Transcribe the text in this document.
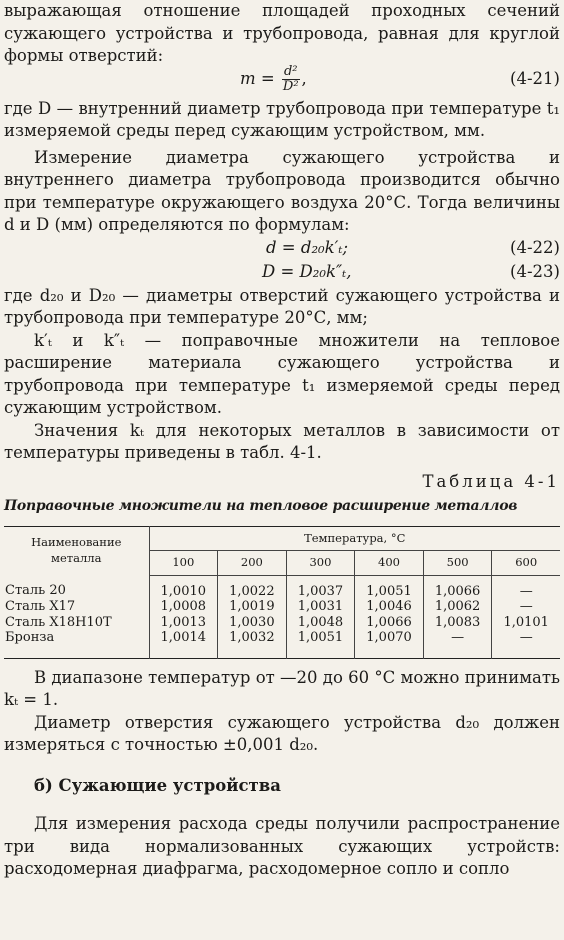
выражающая отношение площадей проходных сечений сужающего устройства и трубопровода, равная для круглой формы отверстий:

$m = \frac{\text{d²}}{\text{D²}}$ ,	(4-21)

где D — внутренний диаметр трубопровода при температуре t₁ измеряемой среды перед сужающим устройством, мм.

Измерение диаметра сужающего устройства и внутреннего диаметра трубопровода производится обычно при температуре окружающего воздуха 20°С. Тогда величины d и D (мм) определяются по формулам:

d = d₂₀k′ₜ;	(4-22)
D = D₂₀k″ₜ,	(4-23)

где d₂₀ и D₂₀ — диаметры отверстий сужающего устройства и трубопровода при температуре 20°С, мм;

k′ₜ и k″ₜ — поправочные множители на тепловое расширение материала сужающего устройства и трубопровода при температуре t₁ измеряемой среды перед сужающим устройством.

Значения kₜ для некоторых металлов в зависимости от температуры приведены в табл. 4-1.

Таблица 4-1
Поправочные множители на тепловое расширение металлов
Наименование металла	Температура, °С					
	100	200	300	400	500	600
Сталь 20	1,0010	1,0022	1,0037	1,0051	1,0066	—
Сталь Х17	1,0008	1,0019	1,0031	1,0046	1,0062	—
Сталь Х18Н10Т	1,0013	1,0030	1,0048	1,0066	1,0083	1,0101
Бронза	1,0014	1,0032	1,0051	1,0070	—	—

В диапазоне температур от —20 до 60 °С можно принимать kₜ = 1.

Диаметр отверстия сужающего устройства d₂₀ должен измеряться с точностью ±0,001 d₂₀.

б) Сужающие устройства

Для измерения расхода среды получили распространение три вида нормализованных сужающих устройств: расходомерная диафрагма, расходомерное сопло и сопло
